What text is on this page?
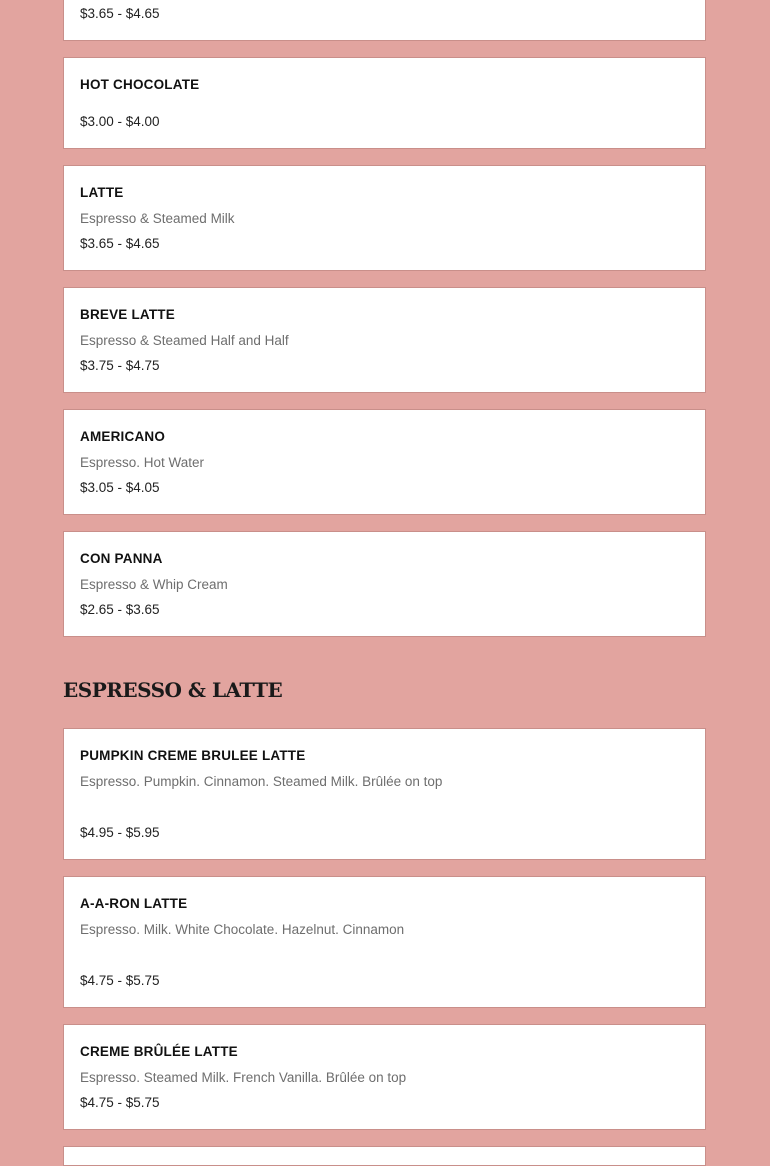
$3.65 - $4.65
HOT CHOCOLATE
$3.00 - $4.00
LATTE
Espresso & Steamed Milk
$3.65 - $4.65
BREVE LATTE
Espresso & Steamed Half and Half
$3.75 - $4.75
AMERICANO
Espresso. Hot Water
$3.05 - $4.05
CON PANNA
Espresso & Whip Cream
$2.65 - $3.65
ESPRESSO & LATTE
PUMPKIN CREME BRULEE LATTE
Espresso. Pumpkin. Cinnamon. Steamed Milk. Brûlée on top
$4.95 - $5.95
A-A-RON LATTE
Espresso. Milk. White Chocolate. Hazelnut. Cinnamon
$4.75 - $5.75
CREME BRÛLÉE LATTE
Espresso. Steamed Milk. French Vanilla. Brûlée on top
$4.75 - $5.75
